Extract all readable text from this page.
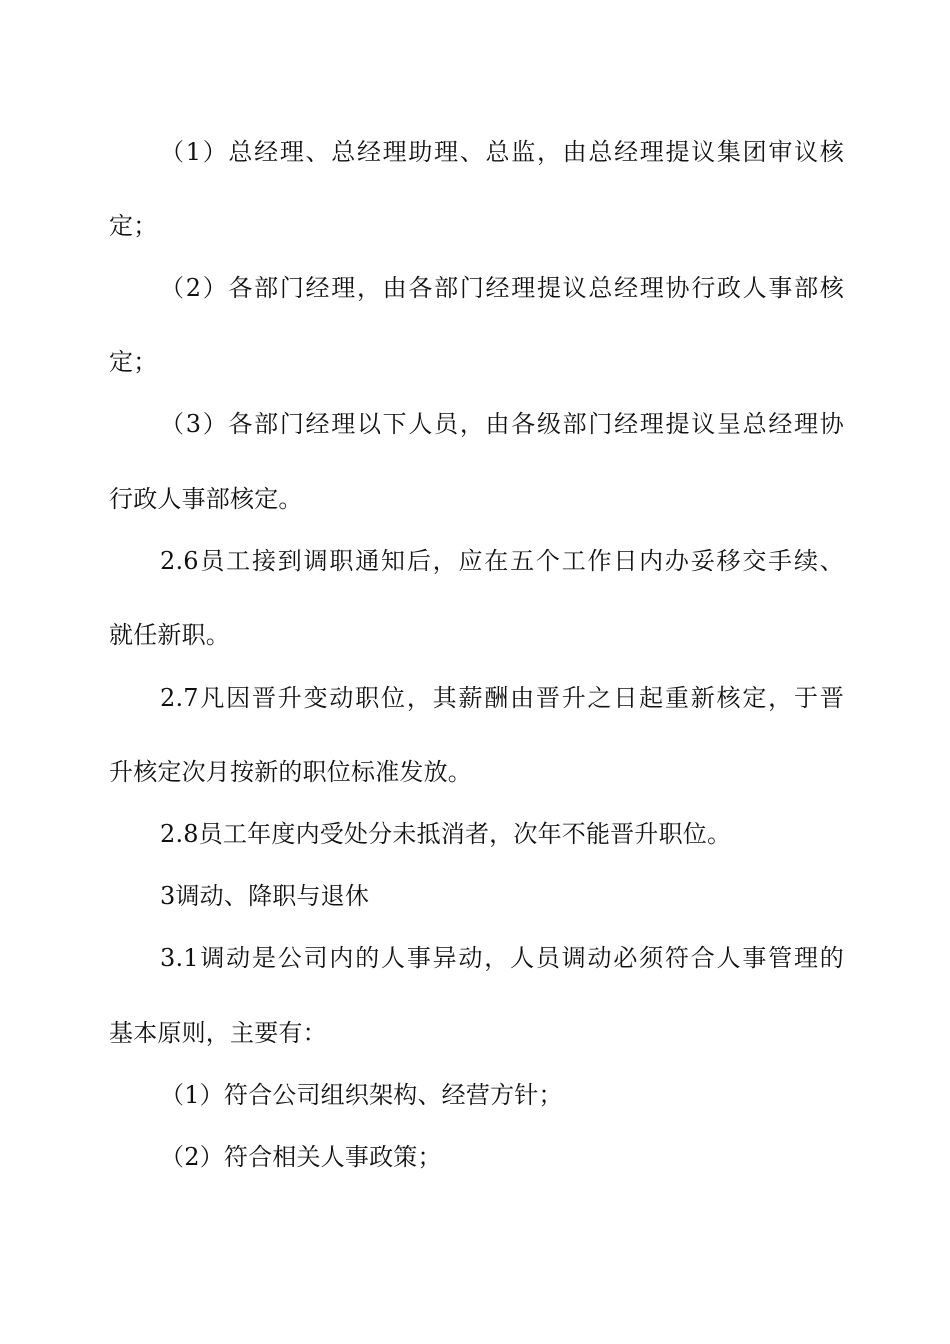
（1）总经理、总经理助理、总监，由总经理提议集团审议核
定；
（2）各部门经理，由各部门经理提议总经理协行政人事部核
定；
（3）各部门经理以下人员，由各级部门经理提议呈总经理协
行政人事部核定。
2.6员工接到调职通知后，应在五个工作日内办妥移交手续、
就任新职。
2.7凡因晋升变动职位，其薪酬由晋升之日起重新核定，于晋
升核定次月按新的职位标准发放。
2.8员工年度内受处分未抵消者，次年不能晋升职位。
3调动、降职与退休
3.1调动是公司内的人事异动，人员调动必须符合人事管理的
基本原则，主要有：
（1）符合公司组织架构、经营方针；
（2）符合相关人事政策；
